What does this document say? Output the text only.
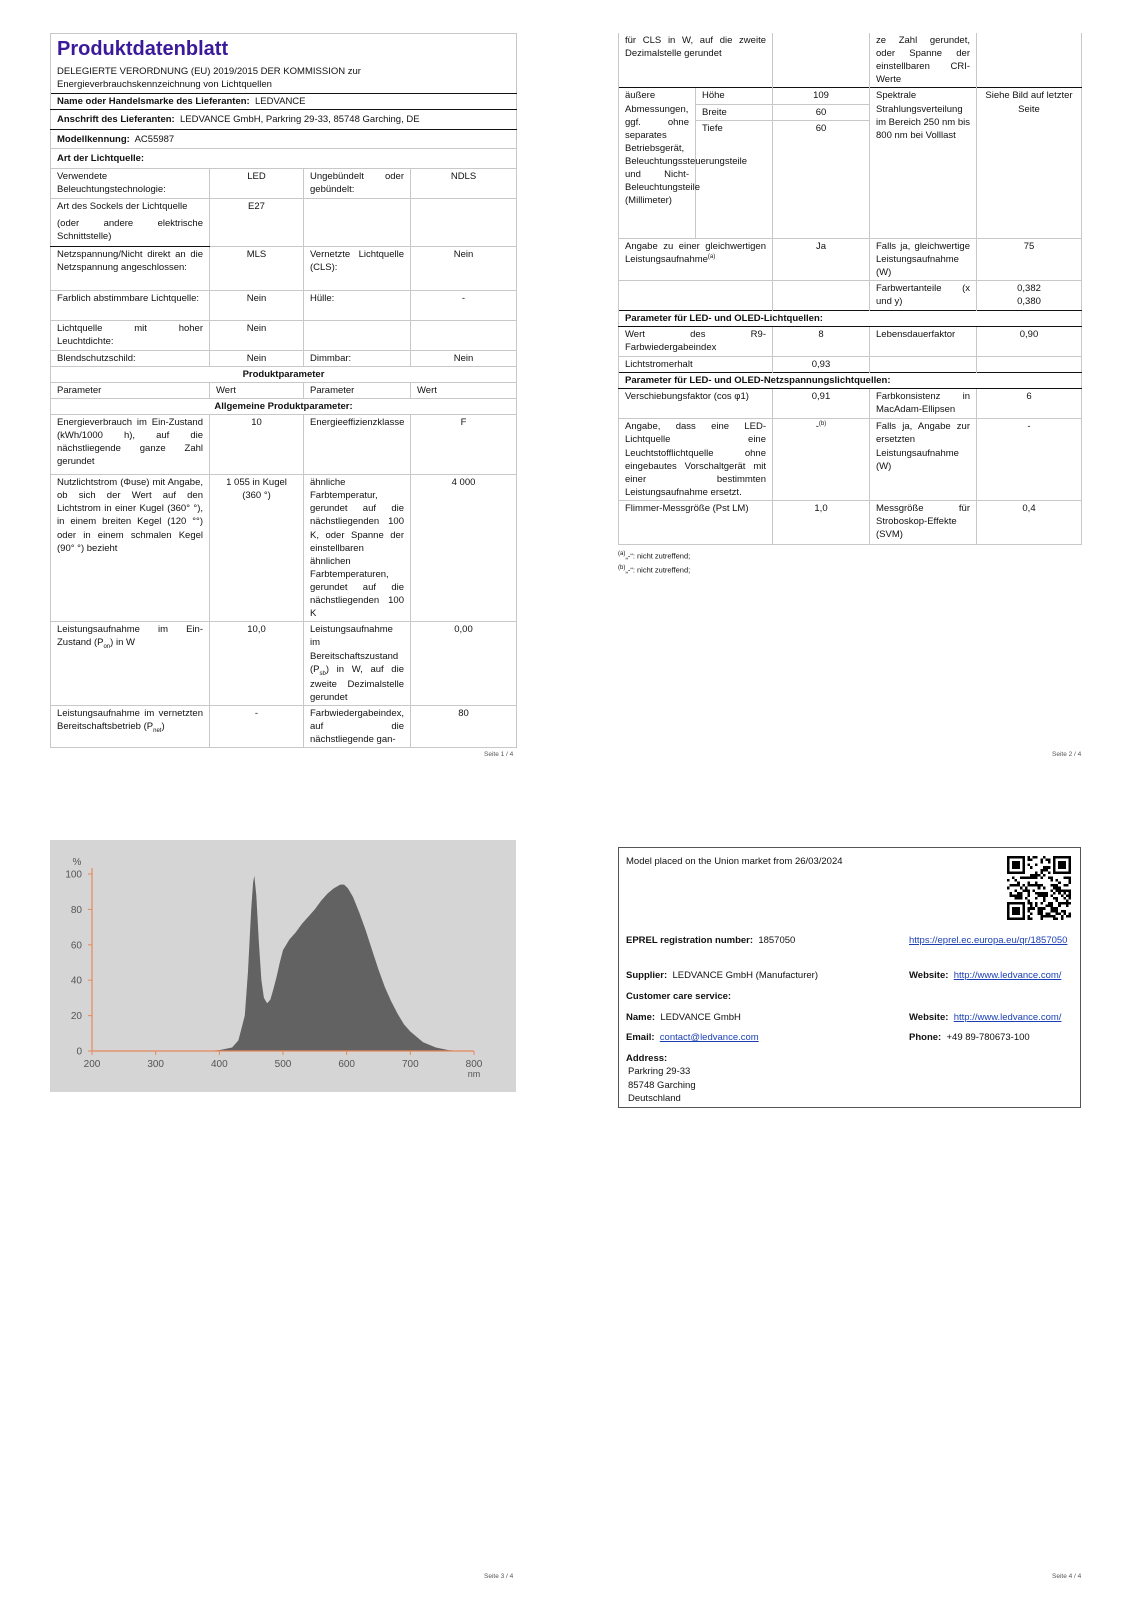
Produktdatenblatt
DELEGIERTE VERORDNUNG (EU) 2019/2015 DER KOMMISSION zur Energieverbrauchskennzeichnung von Lichtquellen			

Name oder Handelsmarke des Lieferanten: LEDVANCE			
Anschrift des Lieferanten: LEDVANCE GmbH, Parkring 29-33, 85748 Garching, DE			
Modellkennung: AC55987			
Art der Lichtquelle:			
Verwendete Beleuchtungstechnologie:	LED	Ungebündelt oder gebündelt:	NDLS

Art des Sockels der Lichtquelle
(oder andere elektrische Schnittstelle)	E27		
Netzspannung/Nicht direkt an die Netzspannung angeschlossen:	MLS	Vernetzte Lichtquelle (CLS):	Nein
Farblich abstimmbare Lichtquelle:	Nein	Hülle:	-
Lichtquelle mit hoher Leuchtdichte:	Nein		
Blendschutzschild:	Nein	Dimmbar:	Nein
Produktparameter			
Parameter	Wert	Parameter	Wert
Allgemeine Produktparameter:			
Energieverbrauch im Ein-Zustand (kWh/1000 h), auf die nächstliegende ganze Zahl gerundet	10	Energieeffizienzklasse	F
Nutzlichtstrom (Φuse) mit Angabe, ob sich der Wert auf den Lichtstrom in einer Kugel (360° °), in einem breiten Kegel (120 °°) oder in einem schmalen Kegel (90° °) bezieht	1 055 in Kugel (360 °)	ähnliche Farbtemperatur, gerundet auf die nächstliegenden 100 K, oder Spanne der einstellbaren ähnlichen Farbtemperaturen, gerundet auf die nächstliegenden 100 K	4 000
Leistungsaufnahme im Ein-Zustand $(P_{on})$ in W	10,0	Leistungsaufnahme im Bereitschaftszustand $(P_{sb})$ in W, auf die zweite Dezimalstelle gerundet	0,00
Leistungsaufnahme im vernetzten Bereitschaftsbetrieb $(P_{net})$	-	Farbwiedergabeindex, auf die nächstliegende gan-	80
Seite 1 / 4
für CLS in W, auf die zweite Dezimalstelle gerundet			ze Zahl gerundet, oder Spanne der einstellbaren CRI-Werte	
äußere Abmessungen, ggf. ohne separates Betriebsgerät, Beleuchtungssteuerungsteile und Nicht-Beleuchtungsteile (Millimeter)	Höhe	109	Spektrale Strahlungsverteilung im Bereich 250 nm bis 800 nm bei Volllast	Siehe Bild auf letzter Seite
	Breite	60		
	Tiefe	60		
Angabe zu einer gleichwertigen Leistungsaufnahme$^{(a)}$		Ja	Falls ja, gleichwertige Leistungsaufnahme (W)	75
			Farbwertanteile (x und y)	0,382
0,380

Parameter für LED- und OLED-Lichtquellen:				
Wert des R9-Farbwiedergabeindex		8	Lebensdauerfaktor	0,90
Lichtstromerhalt		0,93		
Parameter für LED- und OLED-Netzspannungslichtquellen:				
Verschiebungsfaktor (cos φ1)		0,91	Farbkonsistenz in MacAdam-Ellipsen	6
Angabe, dass eine LED-Lichtquelle eine Leuchtstofflichtquelle ohne eingebautes Vorschaltgerät mit einer bestimmten Leistungsaufnahme ersetzt.		-$^{(b)}$	Falls ja, Angabe zur ersetzten Leistungsaufnahme (W)	-
Flimmer-Messgröße (Pst LM)		1,0	Messgröße für Stroboskop-Effekte (SVM)	0,4
$^{(a)}$„-“: nicht zutreffend;
$^{(b)}$„-“: nicht zutreffend;
Seite 2 / 4
0
20
40
60
80
100
200	300	400	500	600	700	800
%
nm
Seite 3 / 4
Model placed on the Union market from 26/03/2024
EPREL registration number: 1857050	https://eprel.ec.europa.eu/qr/1857050
Supplier: LEDVANCE GmbH (Manufacturer)	Website: http://www.ledvance.com/
Customer care service:
Name: LEDVANCE GmbH	Website: http://www.ledvance.com/
Email: contact@ledvance.com	Phone: +49 89-780673-100
Address:
Parkring 29-33
85748 Garching
Deutschland
Seite 4 / 4
